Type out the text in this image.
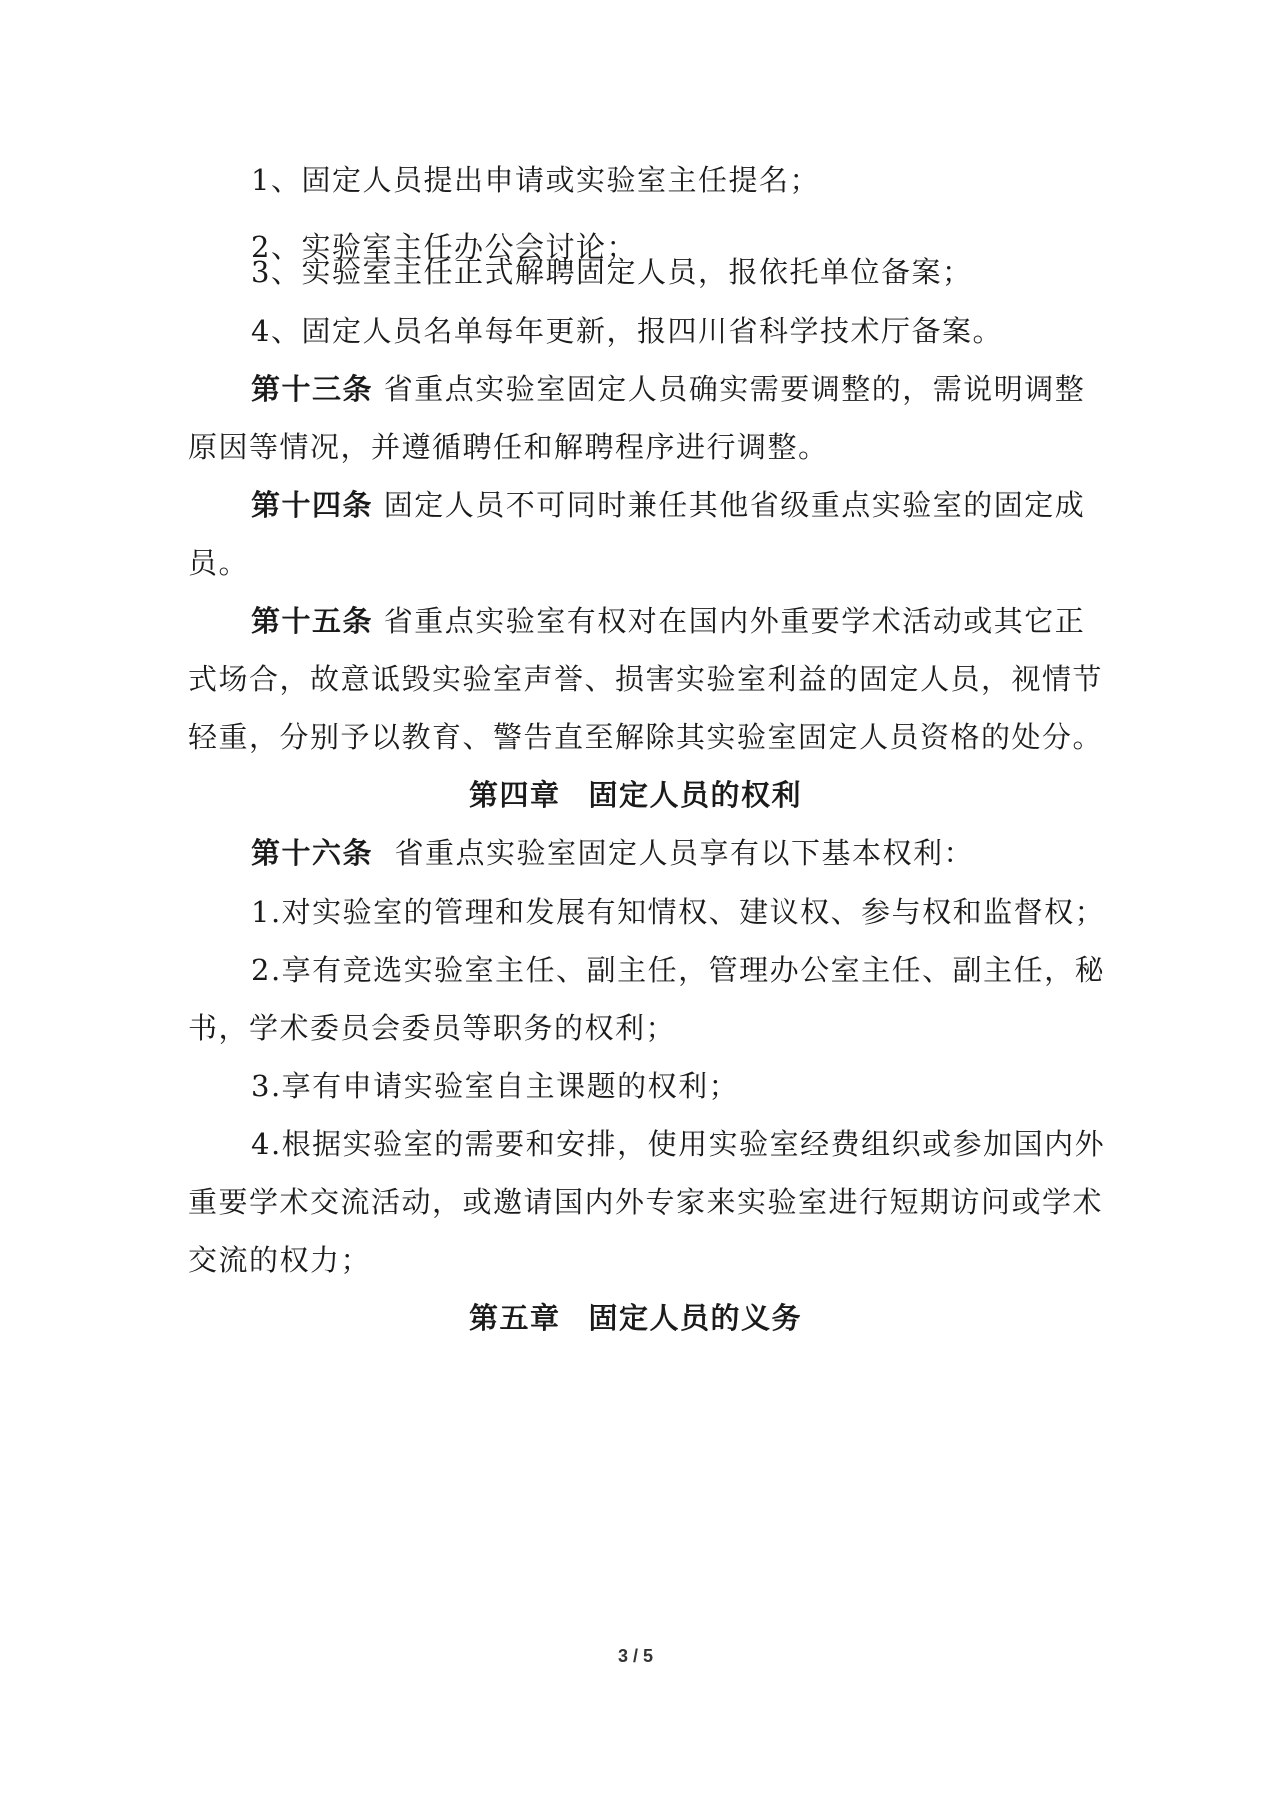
1、固定人员提出申请或实验室主任提名；
2、实验室主任办公会讨论；
3、实验室主任正式解聘固定人员，报依托单位备案；
4、固定人员名单每年更新，报四川省科学技术厅备案。
第十三条 省重点实验室固定人员确实需要调整的，需说明调整
原因等情况，并遵循聘任和解聘程序进行调整。
第十四条 固定人员不可同时兼任其他省级重点实验室的固定成
员。
第十五条 省重点实验室有权对在国内外重要学术活动或其它正
式场合，故意诋毁实验室声誉、损害实验室利益的固定人员，视情节
轻重，分别予以教育、警告直至解除其实验室固定人员资格的处分。
第四章 固定人员的权利
第十六条 省重点实验室固定人员享有以下基本权利：
1.对实验室的管理和发展有知情权、建议权、参与权和监督权；
2.享有竞选实验室主任、副主任，管理办公室主任、副主任，秘
书，学术委员会委员等职务的权利；
3.享有申请实验室自主课题的权利；
4.根据实验室的需要和安排，使用实验室经费组织或参加国内外
重要学术交流活动，或邀请国内外专家来实验室进行短期访问或学术
交流的权力；
第五章 固定人员的义务
3 / 5
